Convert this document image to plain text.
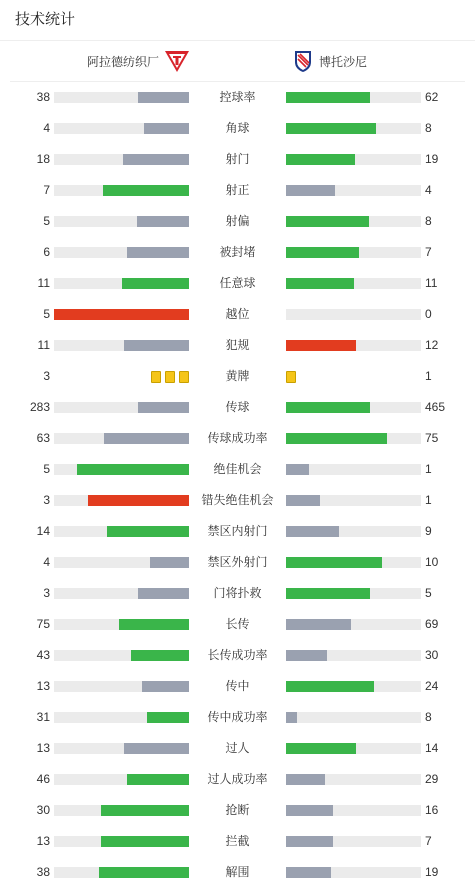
技术统计
阿拉德纺织厂	博托沙尼
38	控球率	62
4	角球	8
18	射门	19
7	射正	4
5	射偏	8
6	被封堵	7
11	任意球	11
5	越位	0
11	犯规	12
3	黄牌	1
283	传球	465
63	传球成功率	75
5	绝佳机会	1
3	错失绝佳机会	1
14	禁区内射门	9
4	禁区外射门	10
3	门将扑救	5
75	长传	69
43	长传成功率	30
13	传中	24
31	传中成功率	8
13	过人	14
46	过人成功率	29
30	抢断	16
13	拦截	7
38	解围	19
